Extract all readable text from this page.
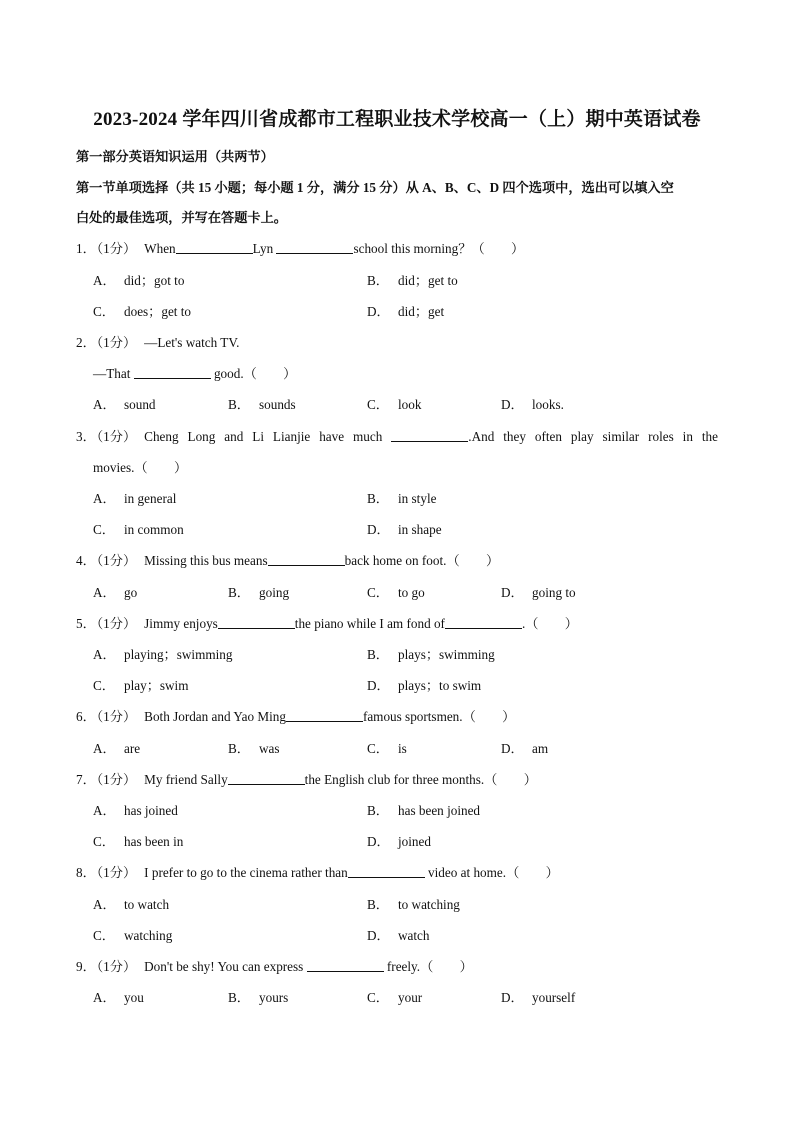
2023-2024 学年四川省成都市工程职业技术学校高一（上）期中英语试卷
第一部分英语知识运用（共两节）
第一节单项选择（共 15 小题；每小题 1 分，满分 15 分）从 A、B、C、D 四个选项中，选出可以填入空
白处的最佳选项，并写在答题卡上。
1．（1分） When	Lyn	school this morning？（　　）
A． did；got to	B． did；get to
C． does；get to	D． did；get
2．（1分） —Let's watch TV.
—That	good.（　　）
A． sound	B． sounds	C． look	D． looks.
3．（1分） Cheng Long and Li Lianjie have much	.And they often play similar roles in the
movies.（　　）
A． in general	B． in style
C． in common	D． in shape
4．（1分） Missing this bus means	back home on foot.（　　）
A． go	B． going	C． to go	D． going to
5．（1分） Jimmy enjoys	the piano while I am fond of	.（　　）
A． playing；swimming	B． plays；swimming
C． play；swim	D． plays；to swim
6．（1分） Both Jordan and Yao Ming	famous sportsmen.（　　）
A． are	B． was	C． is	D． am
7．（1分） My friend Sally	the English club for three months.（　　）
A． has joined	B． has been joined
C． has been in	D． joined
8．（1分） I prefer to go to the cinema rather than	video at home.（　　）
A． to watch	B． to watching
C． watching	D． watch
9．（1分） Don't be shy! You can express	freely.（　　）
A． you	B． yours	C． your	D． yourself
